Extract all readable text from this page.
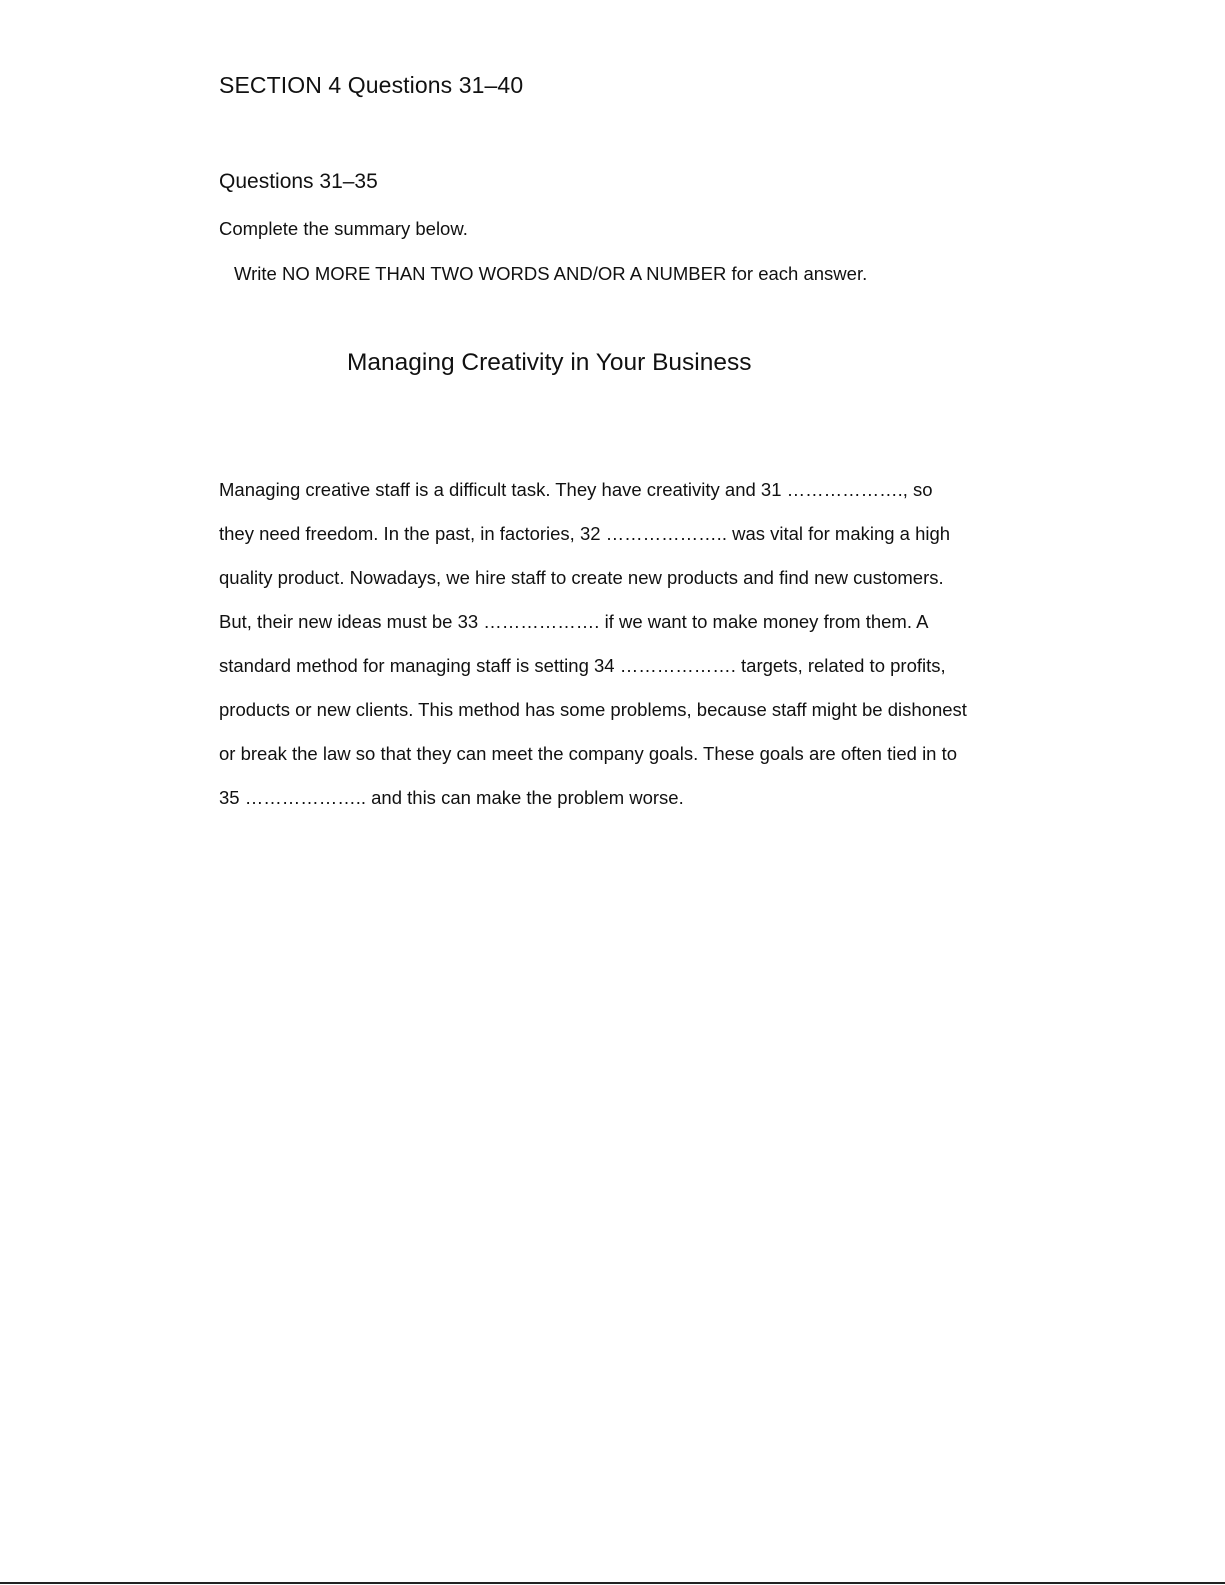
SECTION 4 Questions 31–40
Questions 31–35
Complete the summary below.
Write NO MORE THAN TWO WORDS AND/OR A NUMBER for each answer.
Managing Creativity in Your Business
Managing creative staff is a difficult task. They have creativity and 31 ………………., so
they need freedom. In the past, in factories, 32 ……………….. was vital for making a high
quality product. Nowadays, we hire staff to create new products and find new customers.
But, their new ideas must be 33 ………………. if we want to make money from them. A
standard method for managing staff is setting 34 ………………. targets, related to profits,
products or new clients. This method has some problems, because staff might be dishonest
or break the law so that they can meet the company goals. These goals are often tied in to
35 ……………….. and this can make the problem worse.
